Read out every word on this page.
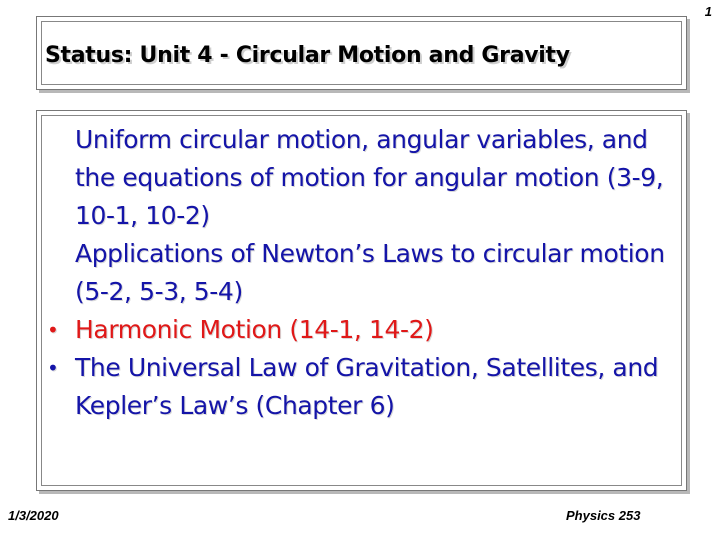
1
Status: Unit 4 - Circular Motion and Gravity
Uniform circular motion, angular variables, and the equations of motion for angular motion (3-9, 10-1, 10-2)
Applications of Newton’s Laws to circular motion (5-2, 5-3, 5-4)
• Harmonic Motion (14-1, 14-2)
• The Universal Law of Gravitation, Satellites, and Kepler’s Law’s (Chapter 6)
1/3/2020	Physics 253
